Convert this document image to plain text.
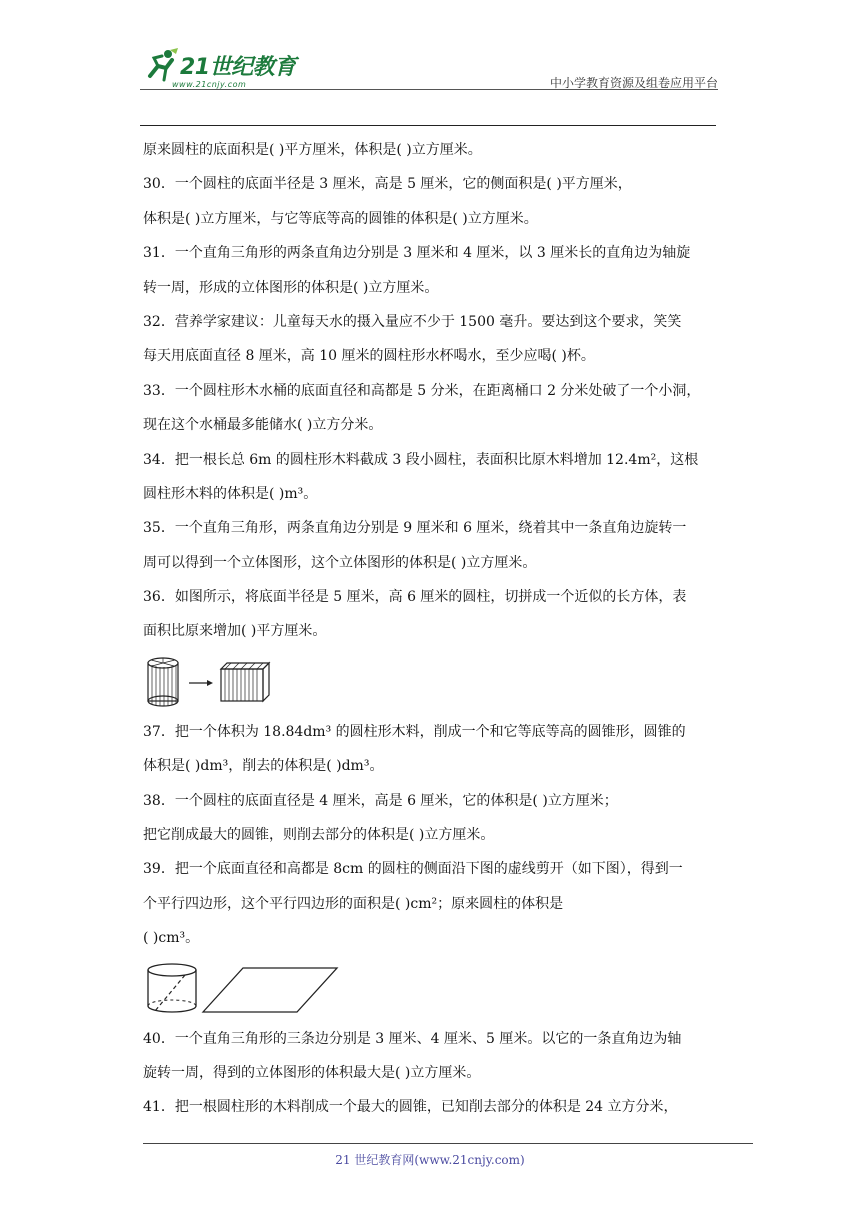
21世纪教育
www.21cnjy.com	中小学教育资源及组卷应用平台
原来圆柱的底面积是( )平方厘米，体积是( )立方厘米。
30．一个圆柱的底面半径是 3 厘米，高是 5 厘米，它的侧面积是( )平方厘米，
体积是( )立方厘米，与它等底等高的圆锥的体积是( )立方厘米。
31．一个直角三角形的两条直角边分别是 3 厘米和 4 厘米，以 3 厘米长的直角边为轴旋
转一周，形成的立体图形的体积是( )立方厘米。
32．营养学家建议：儿童每天水的摄入量应不少于 1500 毫升。要达到这个要求，笑笑
每天用底面直径 8 厘米，高 10 厘米的圆柱形水杯喝水，至少应喝( )杯。
33．一个圆柱形木水桶的底面直径和高都是 5 分米，在距离桶口 2 分米处破了一个小洞，
现在这个水桶最多能储水( )立方分米。
34．把一根长总 6m 的圆柱形木料截成 3 段小圆柱，表面积比原木料增加 12.4m²，这根
圆柱形木料的体积是( )m³。
35．一个直角三角形，两条直角边分别是 9 厘米和 6 厘米，绕着其中一条直角边旋转一
周可以得到一个立体图形，这个立体图形的体积是( )立方厘米。
36．如图所示，将底面半径是 5 厘米，高 6 厘米的圆柱，切拼成一个近似的长方体，表
面积比原来增加( )平方厘米。
37．把一个体积为 18.84dm³ 的圆柱形木料，削成一个和它等底等高的圆锥形，圆锥的
体积是( )dm³，削去的体积是( )dm³。
38．一个圆柱的底面直径是 4 厘米，高是 6 厘米，它的体积是( )立方厘米；
把它削成最大的圆锥，则削去部分的体积是( )立方厘米。
39．把一个底面直径和高都是 8cm 的圆柱的侧面沿下图的虚线剪开（如下图），得到一
个平行四边形，这个平行四边形的面积是( )cm²；原来圆柱的体积是
( )cm³。
40．一个直角三角形的三条边分别是 3 厘米、4 厘米、5 厘米。以它的一条直角边为轴
旋转一周，得到的立体图形的体积最大是( )立方厘米。
41．把一根圆柱形的木料削成一个最大的圆锥，已知削去部分的体积是 24 立方分米，
21 世纪教育网(www.21cnjy.com)
